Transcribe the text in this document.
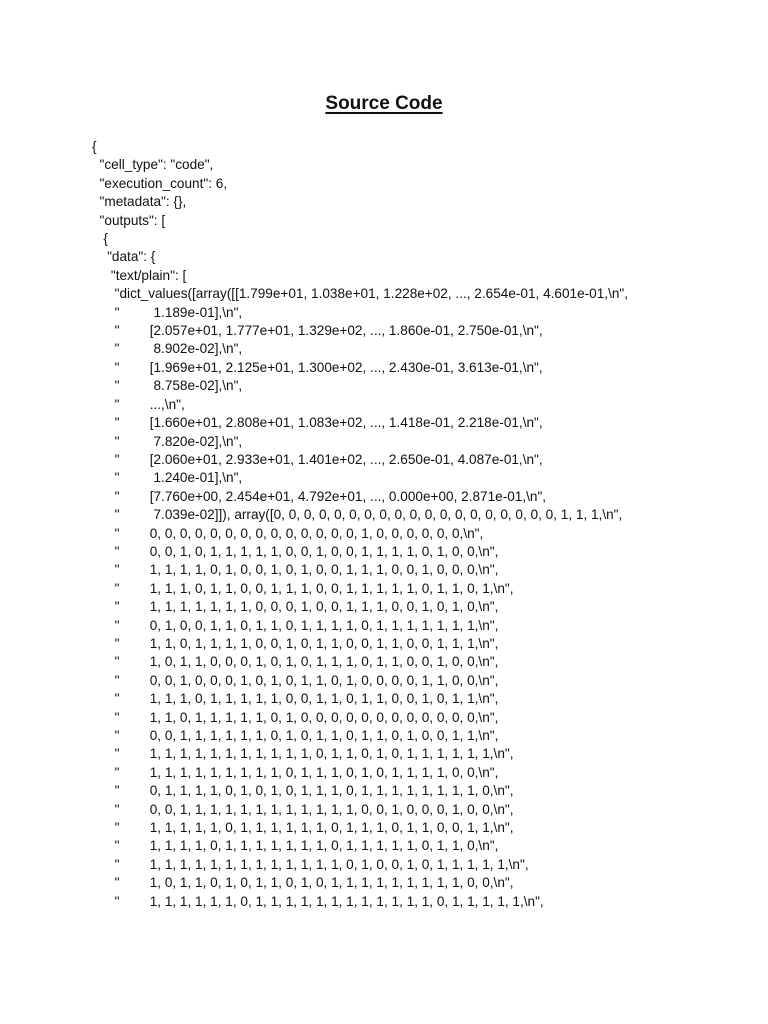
Source Code
{
"cell_type": "code",
"execution_count": 6,
"metadata": {},
"outputs": [
{
"data": {
"text/plain": [
"dict_values([array([[1.799e+01, 1.038e+01, 1.228e+02, ..., 2.654e-01, 4.601e-01,\n",
"         1.189e-01],\n",
"        [2.057e+01, 1.777e+01, 1.329e+02, ..., 1.860e-01, 2.750e-01,\n",
"         8.902e-02],\n",
"        [1.969e+01, 2.125e+01, 1.300e+02, ..., 2.430e-01, 3.613e-01,\n",
"         8.758e-02],\n",
"        ...,\n",
"        [1.660e+01, 2.808e+01, 1.083e+02, ..., 1.418e-01, 2.218e-01,\n",
"         7.820e-02],\n",
"        [2.060e+01, 2.933e+01, 1.401e+02, ..., 2.650e-01, 4.087e-01,\n",
"         1.240e-01],\n",
"        [7.760e+00, 2.454e+01, 4.792e+01, ..., 0.000e+00, 2.871e-01,\n",
"         7.039e-02]]), array([0, 0, 0, 0, 0, 0, 0, 0, 0, 0, 0, 0, 0, 0, 0, 0, 0, 0, 0, 1, 1, 1,\n",
"        0, 0, 0, 0, 0, 0, 0, 0, 0, 0, 0, 0, 0, 0, 1, 0, 0, 0, 0, 0, 0,\n",
"        0, 0, 1, 0, 1, 1, 1, 1, 1, 0, 0, 1, 0, 0, 1, 1, 1, 1, 0, 1, 0, 0,\n",
"        1, 1, 1, 1, 0, 1, 0, 0, 1, 0, 1, 0, 0, 1, 1, 1, 0, 0, 1, 0, 0, 0,\n",
"        1, 1, 1, 0, 1, 1, 0, 0, 1, 1, 1, 0, 0, 1, 1, 1, 1, 1, 0, 1, 1, 0, 1,\n",
"        1, 1, 1, 1, 1, 1, 1, 0, 0, 0, 1, 0, 0, 1, 1, 1, 0, 0, 1, 0, 1, 0,\n",
"        0, 1, 0, 0, 1, 1, 0, 1, 1, 0, 1, 1, 1, 1, 0, 1, 1, 1, 1, 1, 1, 1,\n",
"        1, 1, 0, 1, 1, 1, 1, 0, 0, 1, 0, 1, 1, 0, 0, 1, 1, 0, 0, 1, 1, 1,\n",
"        1, 0, 1, 1, 0, 0, 0, 1, 0, 1, 0, 1, 1, 1, 0, 1, 1, 0, 0, 1, 0, 0,\n",
"        0, 0, 1, 0, 0, 0, 1, 0, 1, 0, 1, 1, 0, 1, 0, 0, 0, 0, 1, 1, 0, 0,\n",
"        1, 1, 1, 0, 1, 1, 1, 1, 1, 0, 0, 1, 1, 0, 1, 1, 0, 0, 1, 0, 1, 1,\n",
"        1, 1, 0, 1, 1, 1, 1, 1, 0, 1, 0, 0, 0, 0, 0, 0, 0, 0, 0, 0, 0, 0,\n",
"        0, 0, 1, 1, 1, 1, 1, 1, 0, 1, 0, 1, 1, 0, 1, 1, 0, 1, 0, 0, 1, 1,\n",
"        1, 1, 1, 1, 1, 1, 1, 1, 1, 1, 1, 0, 1, 1, 0, 1, 0, 1, 1, 1, 1, 1, 1,\n",
"        1, 1, 1, 1, 1, 1, 1, 1, 1, 0, 1, 1, 1, 0, 1, 0, 1, 1, 1, 1, 0, 0,\n",
"        0, 1, 1, 1, 1, 0, 1, 0, 1, 0, 1, 1, 1, 0, 1, 1, 1, 1, 1, 1, 1, 1, 0,\n",
"        0, 0, 1, 1, 1, 1, 1, 1, 1, 1, 1, 1, 1, 1, 0, 0, 1, 0, 0, 0, 1, 0, 0,\n",
"        1, 1, 1, 1, 1, 0, 1, 1, 1, 1, 1, 1, 0, 1, 1, 1, 0, 1, 1, 0, 0, 1, 1,\n",
"        1, 1, 1, 1, 0, 1, 1, 1, 1, 1, 1, 1, 0, 1, 1, 1, 1, 1, 0, 1, 1, 0,\n",
"        1, 1, 1, 1, 1, 1, 1, 1, 1, 1, 1, 1, 1, 0, 1, 0, 0, 1, 0, 1, 1, 1, 1, 1,\n",
"        1, 0, 1, 1, 0, 1, 0, 1, 1, 0, 1, 0, 1, 1, 1, 1, 1, 1, 1, 1, 1, 0, 0,\n",
"        1, 1, 1, 1, 1, 1, 0, 1, 1, 1, 1, 1, 1, 1, 1, 1, 1, 1, 1, 0, 1, 1, 1, 1, 1,\n",
